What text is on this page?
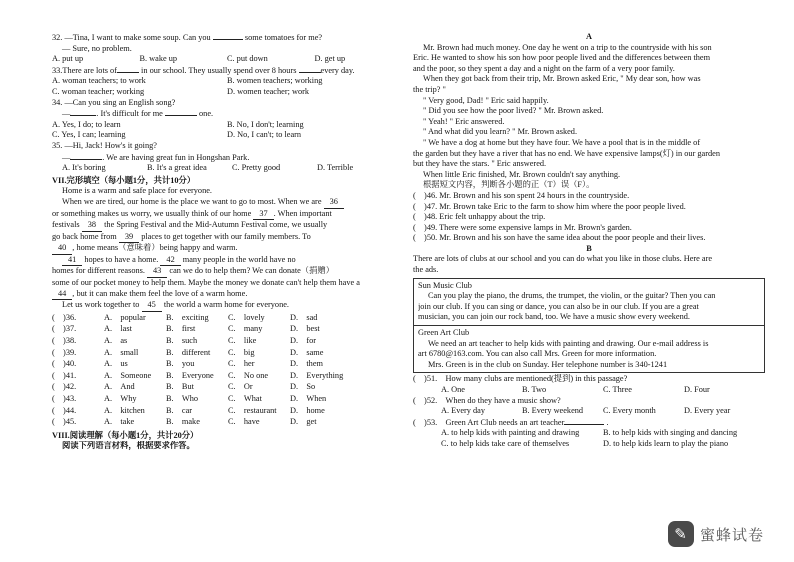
32. —Tina, I want to make some soup. Can you	some tomatoes for me?
— Sure, no problem.
A. put up	B. wake up	C. put down	D. get up
33.There are lots of	in our school. They usually spend over 8 hours	every day.
A. woman teachers; to work	B. women teachers; working
C. woman teacher; working	D. women teacher; work
34. —Can you sing an English song?
—	. It's difficult for me	one.
A. Yes, I do; to learn	B. No, I don't; learning
C. Yes, I can; learning	D. No, I can't; to learn
35. —Hi, Jack! How's it going?
—	. We are having great fun in Hongshan Park.
A. It's boring	B. It's a great idea	C. Pretty good	D. Terrible
VII.完形填空（每小题1分，共计10分）
Home is a warm and safe place for everyone.
When we are tired, our home is the place we want to go to most. When we are 36
or something makes us worry, we usually think of our home 37 . When important
festivals 38 the Spring Festival and the Mid-Autumn Festival come, we usually
go back home from 39 places to get together with our family members. To
40 , home means（意味着）being happy and warm.
41 hopes to have a home. 42 many people in the world have no
homes for different reasons. 43 can we do to help them? We can donate（捐赠）
some of our pocket money to help them. Maybe the money we donate can't help them have a
44 , but it can make them feel the love of a warm home.
Let us work together to 45 the world a warm home for everyone.
(　)36.	A.　popular	B.　exciting	C.　lovely	D.　sad
(　)37.	A.　last	B.　first	C.　many	D.　best
(　)38.	A.　as	B.　such	C.　like	D.　for
(　)39.	A.　small	B.　different	C.　big	D.　same
(　)40.	A.　us	B.　you	C.　her	D.　them
(　)41.	A.　Someone	B.　Everyone	C.　No one	D.　Everything
(　)42.	A.　And	B.　But	C.　Or	D.　So
(　)43.	A.　Why	B.　Who	C.　What	D.　When
(　)44.	A.　kitchen	B.　car	C.　restaurant	D.　home
(　)45.	A.　take	B.　make	C.　have	D.　get
VIII.阅读理解（每小题1分，共计20分）
阅读下列语言材料，根据要求作答。
A
Mr. Brown had much money. One day he went on a trip to the countryside with his son
Eric. He wanted to show his son how poor people lived and the differences between them
and the poor, so they spent a day and a night on the farm of a very poor family.
When they got back from their trip, Mr. Brown asked Eric, " My dear son, how was
the trip? "
" Very good, Dad! " Eric said happily.
" Did you see how the poor lived? " Mr. Brown asked.
" Yeah! " Eric answered.
" And what did you learn? " Mr. Brown asked.
" We have a dog at home but they have four. We have a pool that is in the middle of
the garden but they have a river that has no end. We have expensive lamps(灯) in our garden
but they have the stars. " Eric answered.
When little Eric finished, Mr. Brown couldn't say anything.
根据短文内容，判断各小题的正（T）误（F）。
(　)46. Mr. Brown and his son spent 24 hours in the countryside.
(　)47. Mr. Brown take Eric to the farm to show him where the poor people lived.
(　)48. Eric felt unhappy about the trip.
(　)49. There were some expensive lamps in Mr. Brown's garden.
(　)50. Mr. Brown and his son have the same idea about the poor people and their lives.
B
There are lots of clubs at our school and you can do what you like in those clubs. Here are
the ads.
Sun Music Club
Can you play the piano, the drums, the trumpet, the violin, or the guitar? Then you can
join our club. If you can sing or dance, you can also be in our club. If you are a great
musician, you can join our rock band, too. We have a music show every weekend.
Green Art Club
We need an art teacher to help kids with painting and drawing. Our e-mail address is
art 6780@163.com. You can also call Mrs. Green for more information.
Mrs. Green is in the club on Sunday. Her telephone number is 340-1241
(　)51.　How many clubs are mentioned(提到) in this passage?
A. One	B. Two	C. Three	D. Four
(　)52.　When do they have a music show?
A. Every day	B. Every weekend	C. Every month	D. Every year
(　)53.　Green Art Club needs an art teacher	.
A. to help kids with painting and drawing	B. to help kids with singing and dancing
C. to help kids take care of themselves	D. to help kids learn to play the piano
✎ 蜜蜂试卷
